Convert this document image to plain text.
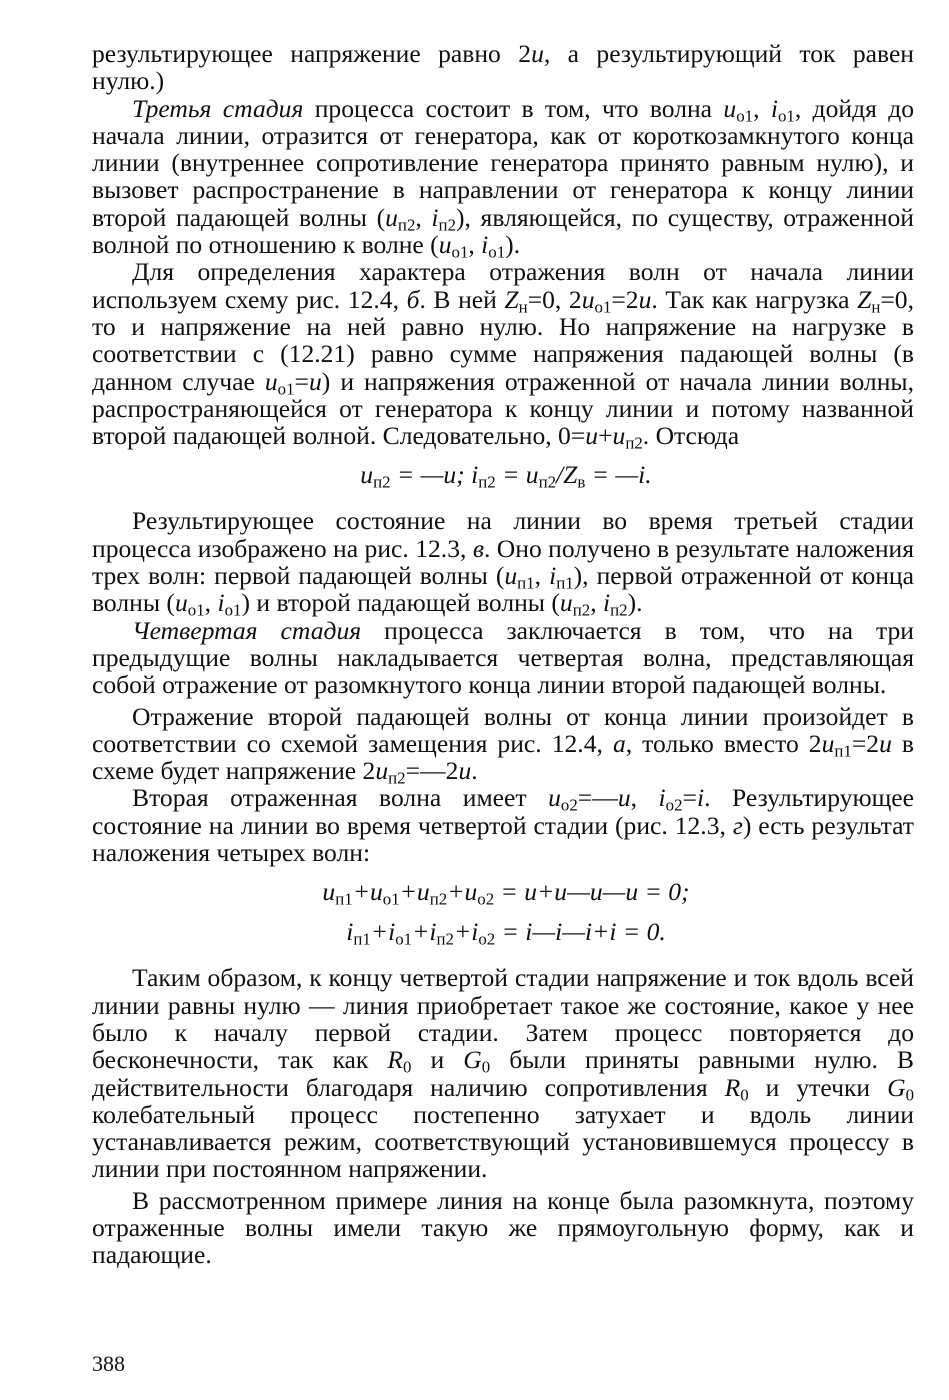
результирующее напряжение равно 2u, а результирующий ток равен нулю.)

Третья стадия процесса состоит в том, что волна $u_{о1}$, $i_{о1}$, дойдя до начала линии, отразится от генератора, как от короткозамкнутого конца линии (внутреннее сопротивление генератора принято равным нулю), и вызовет распространение в направлении от генератора к концу линии второй падающей волны ($u_{п2}$, $i_{п2}$), являющейся, по существу, отраженной волной по отношению к волне ($u_{о1}$, $i_{о1}$).

Для определения характера отражения волн от начала линии используем схему рис. 12.4, б. В ней $Z_н=0$, $2u_{о1}=2u$. Так как нагрузка $Z_н=0$, то и напряжение на ней равно нулю. Но напряжение на нагрузке в соответствии с (12.21) равно сумме напряжения падающей волны (в данном случае $u_{о1}=u$) и напряжения отраженной от начала линии волны, распространяющейся от генератора к концу линии и потому названной второй падающей волной. Следовательно, $0=u+u_{п2}$. Отсюда

$u_{п2}$ = —u; $i_{п2} = u_{п2}/Z_в$ = —i.

Результирующее состояние на линии во время третьей стадии процесса изображено на рис. 12.3, в. Оно получено в результате наложения трех волн: первой падающей волны ($u_{п1}$, $i_{п1}$), первой отраженной от конца волны ($u_{о1}$, $i_{о1}$) и второй падающей волны ($u_{п2}$, $i_{п2}$).

Четвертая стадия процесса заключается в том, что на три предыдущие волны накладывается четвертая волна, представляющая собой отражение от разомкнутого конца линии второй падающей волны.

Отражение второй падающей волны от конца линии произойдет в соответствии со схемой замещения рис. 12.4, а, только вместо $2u_{п1}=2u$ в схеме будет напряжение $2u_{п2}=—2u$.

Вторая отраженная волна имеет $u_{о2}=—u$, $i_{о2}=i$. Результирующее состояние на линии во время четвертой стадии (рис. 12.3, г) есть результат наложения четырех волн:

$u_{п1}+u_{о1}+u_{п2}+u_{о2}$ = u+u—u—u = 0;
$i_{п1}+i_{о1}+i_{п2}+i_{о2}$ = i—i—i+i = 0.

Таким образом, к концу четвертой стадии напряжение и ток вдоль всей линии равны нулю — линия приобретает такое же состояние, какое у нее было к началу первой стадии. Затем процесс повторяется до бесконечности, так как $R_0$ и $G_0$ были приняты равными нулю. В действительности благодаря наличию сопротивления $R_0$ и утечки $G_0$ колебательный процесс постепенно затухает и вдоль линии устанавливается режим, соответствующий установившемуся процессу в линии при постоянном напряжении.

В рассмотренном примере линия на конце была разомкнута, поэтому отраженные волны имели такую же прямоугольную форму, как и падающие.

388
